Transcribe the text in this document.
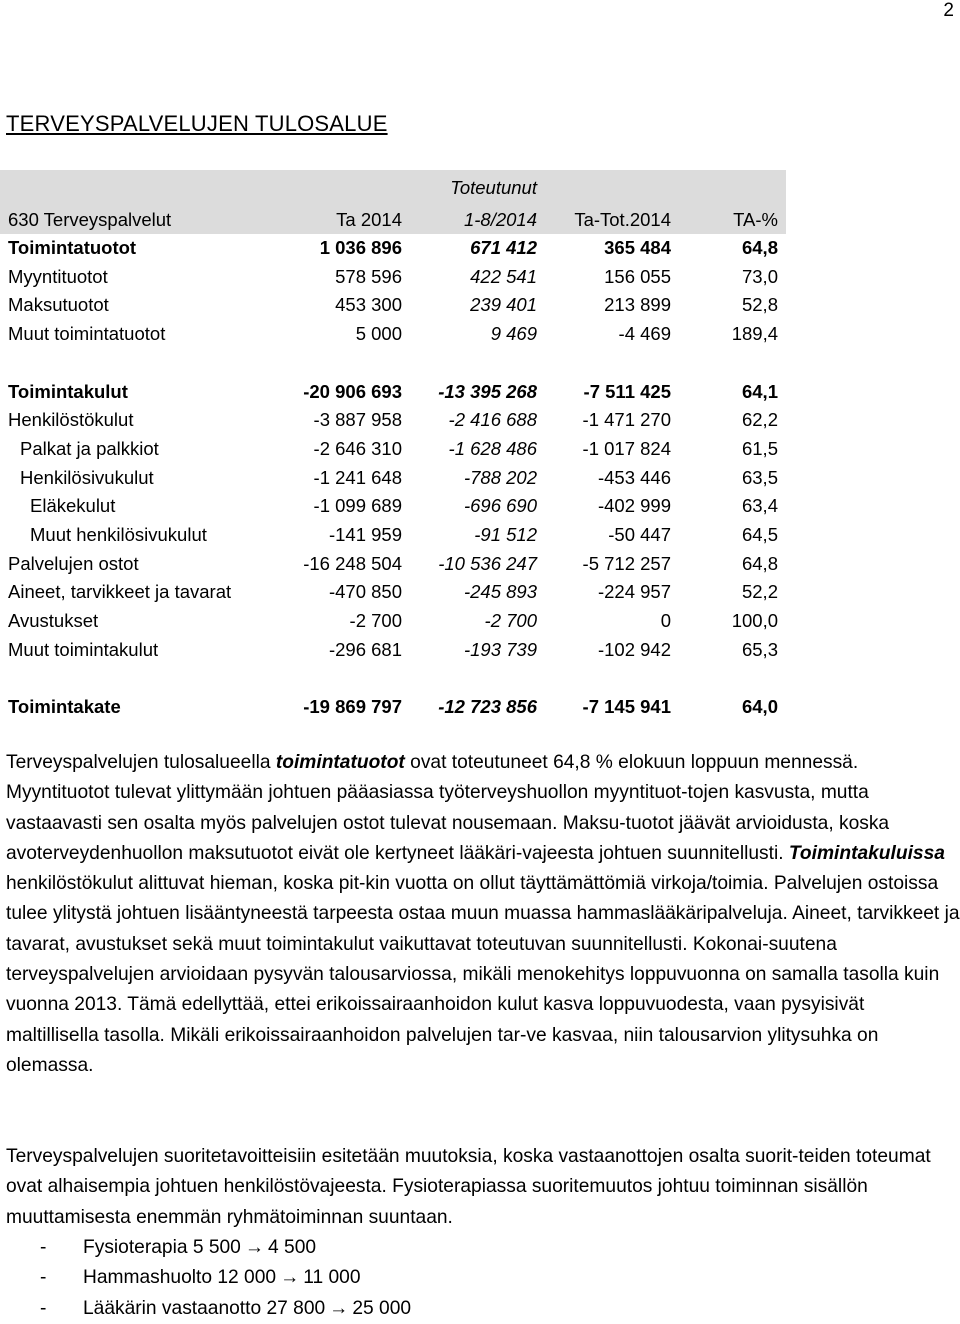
2
TERVEYSPALVELUJEN TULOSALUE
		Toteutunut		
630 Terveyspalvelut	Ta 2014	1-8/2014	Ta-Tot.2014	TA-%
Toimintatuotot	1 036 896	671 412	365 484	64,8
Myyntituotot	578 596	422 541	156 055	73,0
Maksutuotot	453 300	239 401	213 899	52,8
Muut toimintatuotot	5 000	9 469	-4 469	189,4

Toimintakulut	-20 906 693	-13 395 268	-7 511 425	64,1
Henkilöstökulut	-3 887 958	-2 416 688	-1 471 270	62,2
Palkat ja palkkiot	-2 646 310	-1 628 486	-1 017 824	61,5
Henkilösivukulut	-1 241 648	-788 202	-453 446	63,5
Eläkekulut	-1 099 689	-696 690	-402 999	63,4
Muut henkilösivukulut	-141 959	-91 512	-50 447	64,5
Palvelujen ostot	-16 248 504	-10 536 247	-5 712 257	64,8
Aineet, tarvikkeet ja tavarat	-470 850	-245 893	-224 957	52,2
Avustukset	-2 700	-2 700	0	100,0
Muut toimintakulut	-296 681	-193 739	-102 942	65,3

Toimintakate	-19 869 797	-12 723 856	-7 145 941	64,0

Terveyspalvelujen tulosalueella toimintatuotot ovat toteutuneet 64,8 % elokuun loppuun mennessä. Myyntituotot tulevat ylittymään johtuen pääasiassa työterveyshuollon myyntituot-tojen kasvusta, mutta vastaavasti sen osalta myös palvelujen ostot tulevat nousemaan. Maksu-tuotot jäävät arvioidusta, koska avoterveydenhuollon maksutuotot eivät ole kertyneet lääkäri-vajeesta johtuen suunnitellusti. Toimintakuluissa henkilöstökulut alittuvat hieman, koska pit-kin vuotta on ollut täyttämättömiä virkoja/toimia. Palvelujen ostoissa tulee ylitystä johtuen lisääntyneestä tarpeesta ostaa muun muassa hammaslääkäripalveluja. Aineet, tarvikkeet ja tavarat, avustukset sekä muut toimintakulut vaikuttavat toteutuvan suunnitellusti. Kokonai-suutena terveyspalvelujen arvioidaan pysyvän talousarviossa, mikäli menokehitys loppuvuonna on samalla tasolla kuin vuonna 2013. Tämä edellyttää, ettei erikoissairaanhoidon kulut kasva loppuvuodesta, vaan pysyisivät maltillisella tasolla. Mikäli erikoissairaanhoidon palvelujen tar-ve kasvaa, niin talousarvion ylitysuhka on olemassa.

Terveyspalvelujen suoritetavoitteisiin esitetään muutoksia, koska vastaanottojen osalta suorit-teiden toteumat ovat alhaisempia johtuen henkilöstövajeesta. Fysioterapiassa suoritemuutos johtuu toiminnan sisällön muuttamisesta enemmän ryhmätoiminnan suuntaan.

-	Fysioterapia 5 500 → 4 500
-	Hammashuolto 12 000 → 11 000
-	Lääkärin vastaanotto 27 800 → 25 000
